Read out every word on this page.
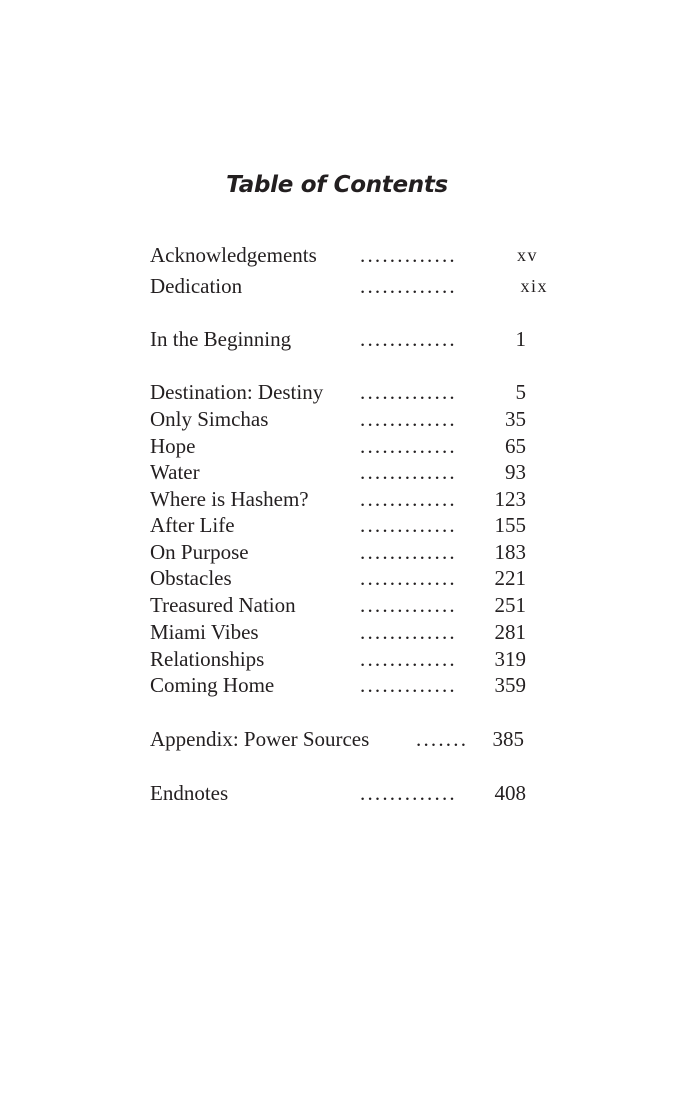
Table of Contents
Acknowledgements .............	xv
Dedication	.............	xix
In the Beginning	.............	1
Destination: Destiny .............	5
Only Simchas	............. 35
Hope	............. 65
Water	............. 93
Where is Hashem? ............. 123
After Life	............. 155
On Purpose	............. 183
Obstacles	............. 221
Treasured Nation	............. 251
Miami Vibes	............. 281
Relationships	............. 319
Coming Home	............. 359
Appendix: Power Sources ....... 385
Endnotes	............. 408
